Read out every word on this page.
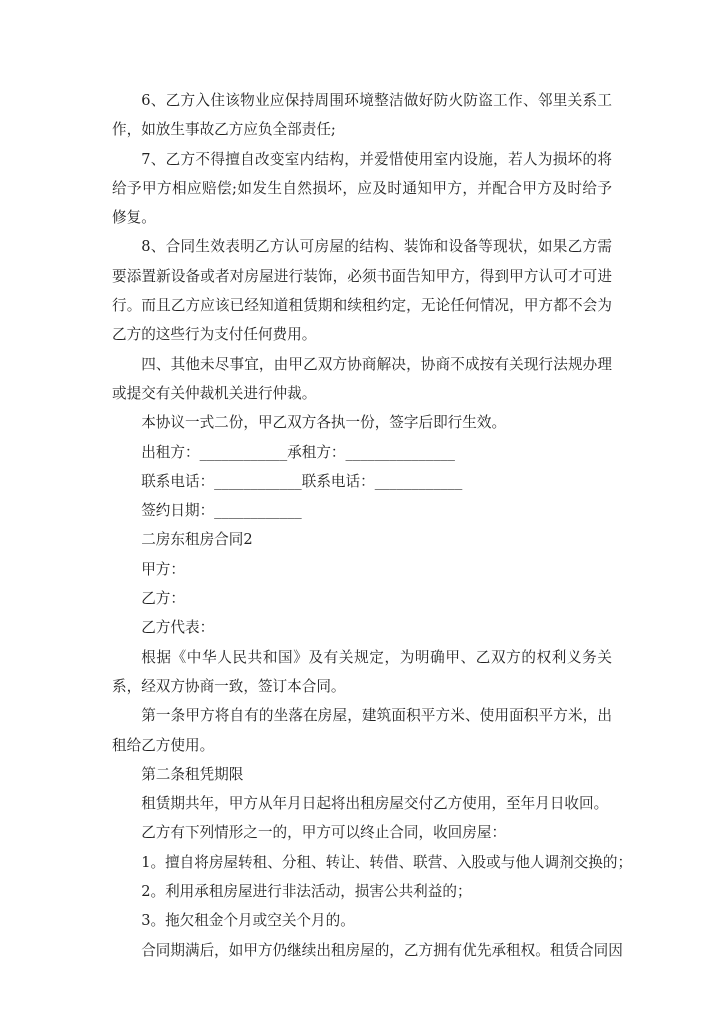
6、乙方入住该物业应保持周围环境整洁做好防火防盗工作、邻里关系工作，如放生事故乙方应负全部责任;

7、乙方不得擅自改变室内结构，并爱惜使用室内设施，若人为损坏的将给予甲方相应赔偿;如发生自然损坏，应及时通知甲方，并配合甲方及时给予修复。

8、合同生效表明乙方认可房屋的结构、装饰和设备等现状，如果乙方需要添置新设备或者对房屋进行装饰，必须书面告知甲方，得到甲方认可才可进行。而且乙方应该已经知道租赁期和续租约定，无论任何情况，甲方都不会为乙方的这些行为支付任何费用。

四、其他未尽事宜，由甲乙双方协商解决，协商不成按有关现行法规办理或提交有关仲裁机关进行仲裁。

本协议一式二份，甲乙双方各执一份，签字后即行生效。

出租方：____________承租方：_______________
联系电话：____________联系电话：____________
签约日期：____________
二房东租房合同2
甲方：
乙方：
乙方代表：

根据《中华人民共和国》及有关规定，为明确甲、乙双方的权利义务关系，经双方协商一致，签订本合同。

第一条甲方将自有的坐落在房屋，建筑面积平方米、使用面积平方米，出租给乙方使用。

第二条租凭期限
租赁期共年，甲方从年月日起将出租房屋交付乙方使用，至年月日收回。
乙方有下列情形之一的，甲方可以终止合同，收回房屋：
1。擅自将房屋转租、分租、转让、转借、联营、入股或与他人调剂交换的；
2。利用承租房屋进行非法活动，损害公共利益的；
3。拖欠租金个月或空关个月的。
合同期满后，如甲方仍继续出租房屋的，乙方拥有优先承租权。租赁合同因
